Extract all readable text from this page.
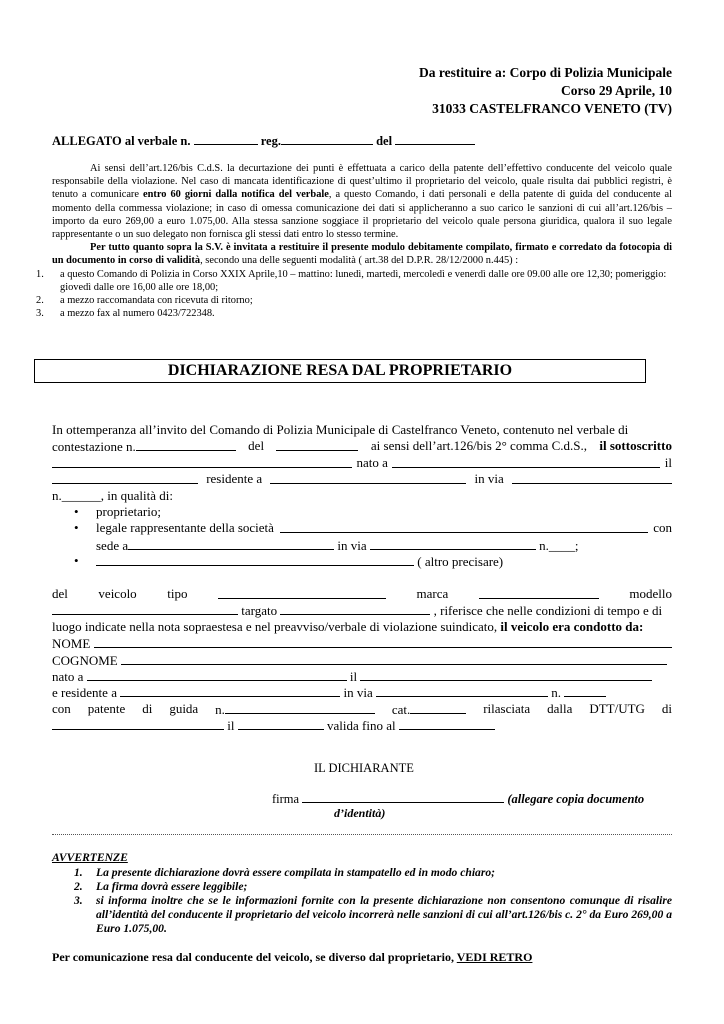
Da restituire a: Corpo di Polizia Municipale
Corso 29 Aprile, 10
31033 CASTELFRANCO VENETO (TV)
ALLEGATO al verbale n.	reg.	del

Ai sensi dell’art.126/bis C.d.S. la decurtazione dei punti è effettuata a carico della patente dell’effettivo conducente del veicolo quale responsabile della violazione. Nel caso di mancata identificazione di quest’ultimo il proprietario del veicolo, quale risulta dai pubblici registri, è tenuto a comunicare entro 60 giorni dalla notifica del verbale, a questo Comando, i dati personali e della patente di guida del conducente al momento della commessa violazione; in caso di omessa comunicazione dei dati si applicheranno a suo carico le sanzioni di cui all’art.126/bis – importo da euro 269,00 a euro 1.075,00. Alla stessa sanzione soggiace il proprietario del veicolo quale persona giuridica, qualora il suo legale rappresentante o un suo delegato non fornisca gli stessi dati entro lo stesso termine.

Per tutto quanto sopra la S.V. è invitata a restituire il presente modulo debitamente compilato, firmato e corredato da fotocopia di un documento in corso di validità, secondo una delle seguenti modalità ( art.38 del D.P.R. 28/12/2000 n.445) :

1. a questo Comando di Polizia in Corso XXIX Aprile,10 – mattino: lunedì, martedì, mercoledì e venerdì dalle ore 09.00 alle ore 12,30; pomeriggio: giovedì dalle ore 16,00 alle ore 18,00;
2. a mezzo raccomandata con ricevuta di ritorno;
3. a mezzo fax al numero 0423/722348.
DICHIARAZIONE RESA DAL PROPRIETARIO
In ottemperanza all’invito del Comando di Polizia Municipale di Castelfranco Veneto, contenuto nel verbale di
contestazione n.	del	ai sensi dell’art.126/bis 2° comma C.d.S., il sottoscritto
nato a	il
residente a	in via
n.______, in qualità di:
• proprietario;
• legale rappresentante della società	con
sede a	in via	n.____;
•	( altro precisare)
del veicolo tipo	marca	modello
targato	, riferisce che nelle condizioni di tempo e di
luogo indicate nella nota sopraestesa e nel preavviso/verbale di violazione suindicato, il veicolo era condotto da:
NOME
COGNOME
nato a	il
e residente a	in via	n.
con patente di guida n.	cat.	rilasciata dalla DTT/UTG di
il	valida fino al
IL DICHIARANTE
firma	(allegare copia documento
d’identità)
AVVERTENZE
1. La presente dichiarazione dovrà essere compilata in stampatello ed in modo chiaro;
2. La firma dovrà essere leggibile;
3. si informa inoltre che se le informazioni fornite con la presente dichiarazione non consentono comunque di risalire all’identità del conducente il proprietario del veicolo incorrerà nelle sanzioni di cui all’art.126/bis c. 2° da Euro 269,00 a Euro 1.075,00.
Per comunicazione resa dal conducente del veicolo, se diverso dal proprietario, VEDI RETRO
